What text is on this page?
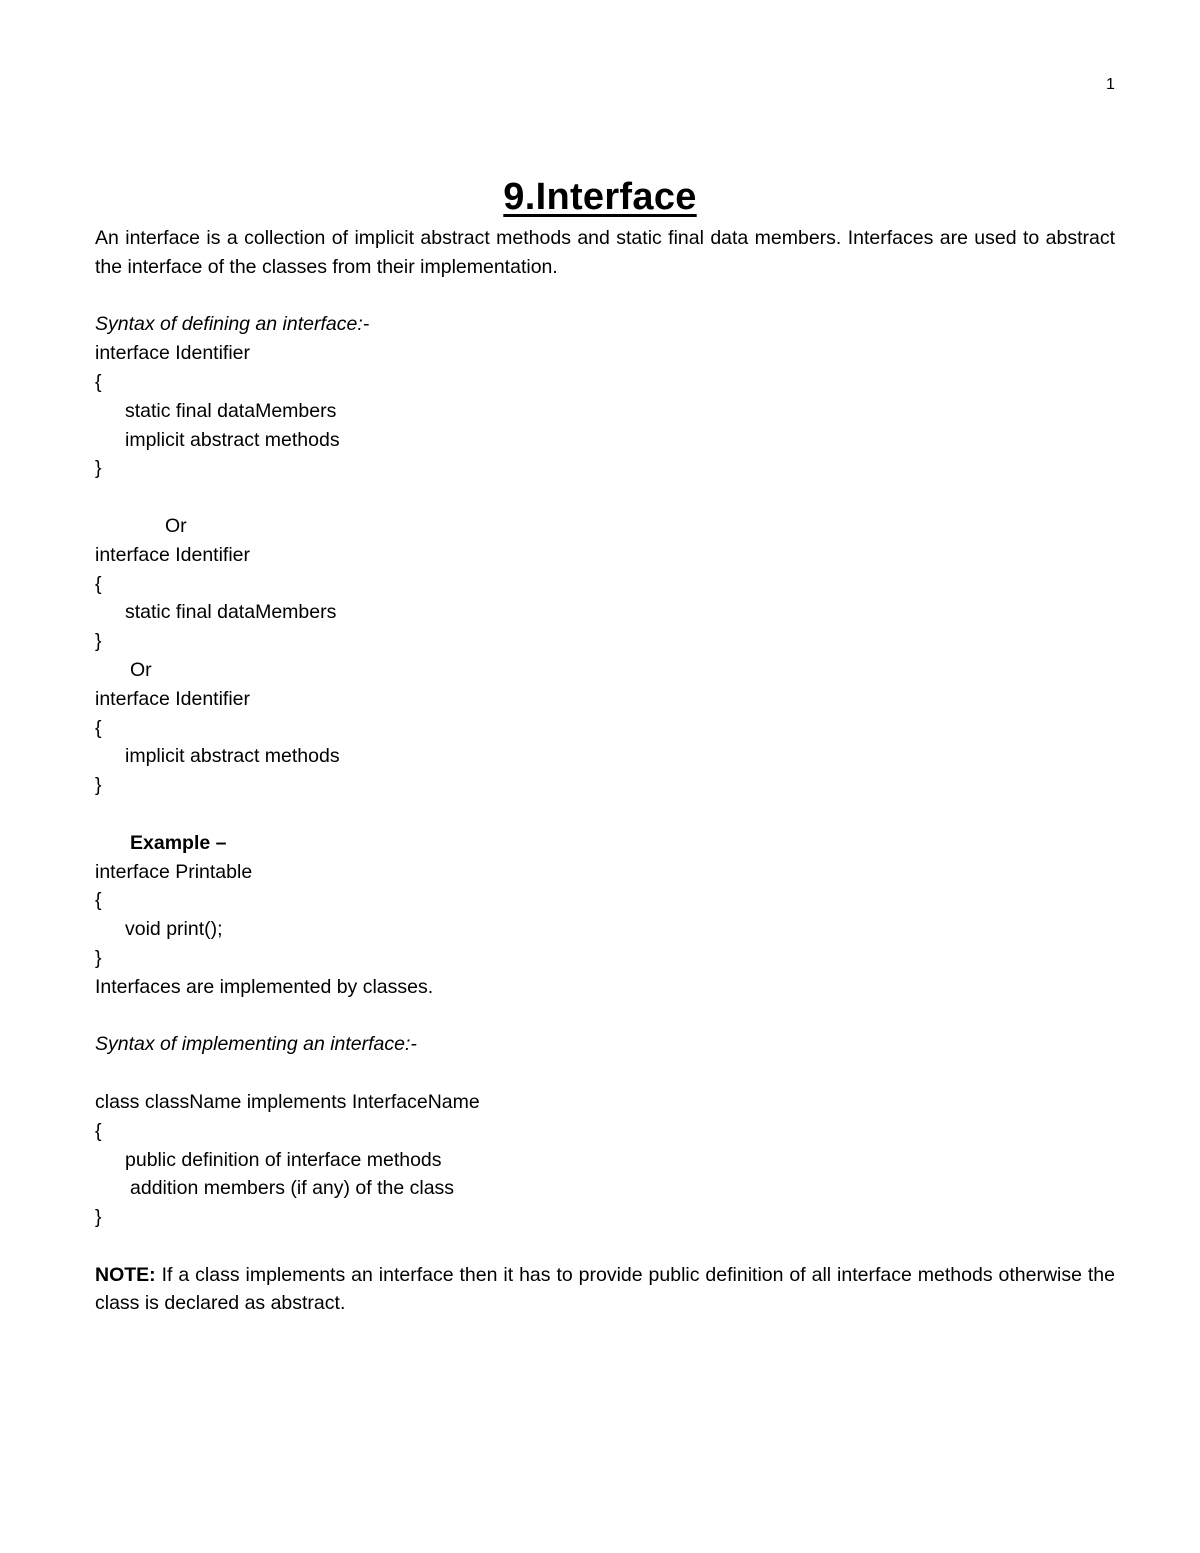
1
9.Interface
An interface is a collection of implicit abstract methods and static final data members. Interfaces are used to abstract the interface of the classes from their implementation.
Syntax of defining an interface:-
interface Identifier
{
static final dataMembers
implicit abstract methods
}
Or
interface Identifier
{
static final dataMembers
}
Or
interface Identifier
{
implicit abstract methods
}
Example –
interface Printable
{
void print();
}
Interfaces are implemented by classes.
Syntax of implementing an interface:-
class className implements InterfaceName
{
public definition of interface methods
addition members (if any) of the class
}
NOTE: If a class implements an interface then it has to provide public definition of all interface methods otherwise the class is declared as abstract.
